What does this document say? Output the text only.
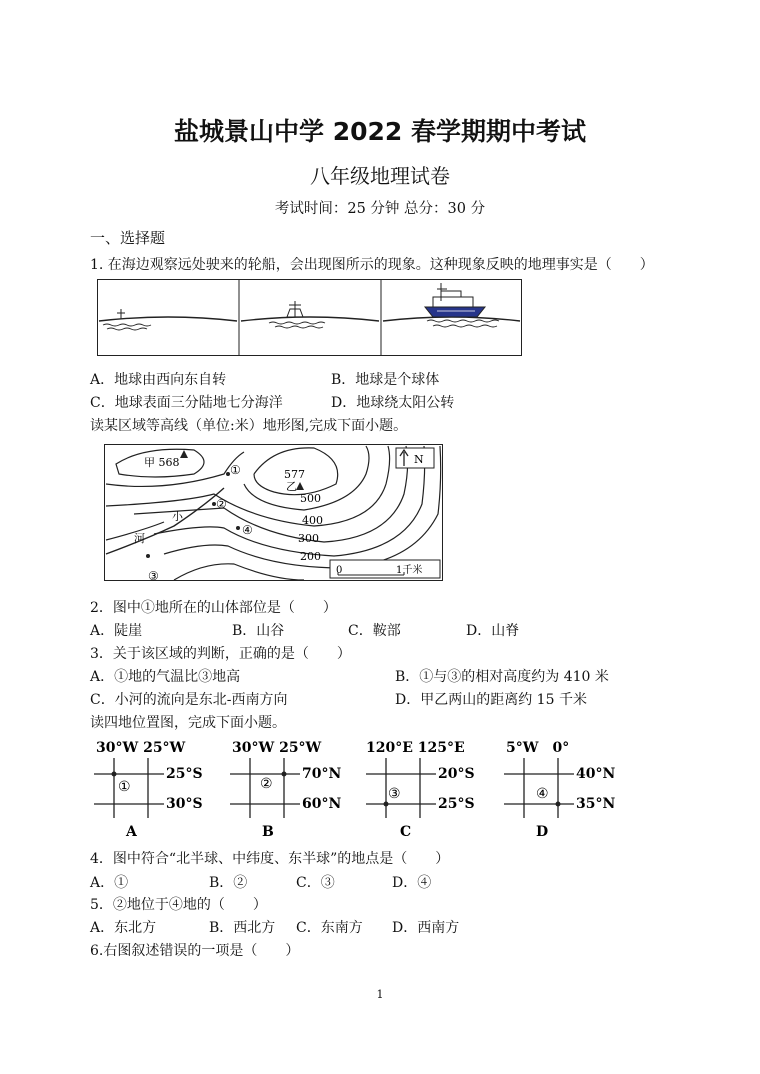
盐城景山中学 2022 春学期期中考试
八年级地理试卷
考试时间：25 分钟 总分：30 分
一、选择题
1. 在海边观察远处驶来的轮船，会出现图所示的现象。这种现象反映的地理事实是（　　）
A．地球由西向东自转	B．地球是个球体
C．地球表面三分陆地七分海洋	D．地球绕太阳公转
读某区域等高线（单位:米）地形图,完成下面小题。
甲 568
577
乙
500
400
300
200
①
②
③
④
小
河
N
0	1千米
2．图中①地所在的山体部位是（　　）
A．陡崖	B．山谷	C．鞍部	D．山脊
3．关于该区域的判断，正确的是（　　）
A．①地的气温比③地高	B．①与③的相对高度约为 410 米
C．小河的流向是东北-西南方向	D．甲乙两山的距离约 15 千米
读四地位置图，完成下面小题。
30°W 25°W
①
25°S
30°S
A
30°W 25°W
②
70°N
60°N
B
120°E 125°E
③
20°S
25°S
C
5°W　0°
④
40°N
35°N
D
4．图中符合“北半球、中纬度、东半球”的地点是（　　）
A．①	B．②	C．③	D．④
5．②地位于④地的（　　）
A．东北方	B．西北方 C．东南方 D．西南方
6.右图叙述错误的一项是（　　）
1
